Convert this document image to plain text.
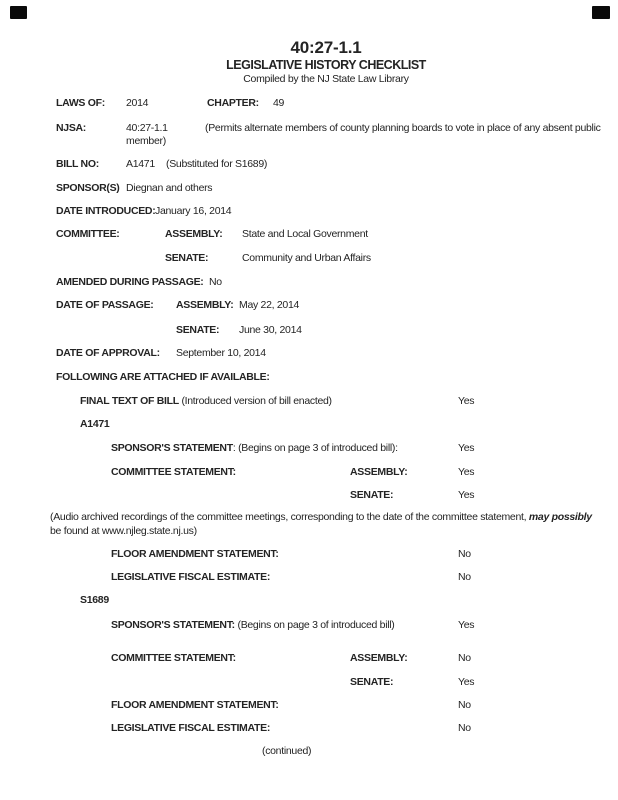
40:27-1.1
LEGISLATIVE HISTORY CHECKLIST
Compiled by the NJ State Law Library
LAWS OF: 2014	CHAPTER: 49
NJSA:	40:27-1.1	(Permits alternate members of county planning boards to vote in place of any absent public
member)
BILL NO:	A1471 (Substituted for S1689)
SPONSOR(S) Diegnan and others
DATE INTRODUCED: January 16, 2014
COMMITTEE:	ASSEMBLY: State and Local Government
SENATE:	Community and Urban Affairs
AMENDED DURING PASSAGE: No
DATE OF PASSAGE: ASSEMBLY: May 22, 2014
SENATE: June 30, 2014
DATE OF APPROVAL: September 10, 2014
FOLLOWING ARE ATTACHED IF AVAILABLE:
FINAL TEXT OF BILL (Introduced version of bill enacted)	Yes
A1471
SPONSOR'S STATEMENT: (Begins on page 3 of introduced bill):	Yes
COMMITTEE STATEMENT:	ASSEMBLY:	Yes
SENATE:	Yes
(Audio archived recordings of the committee meetings, corresponding to the date of the committee statement, may possibly
be found at www.njleg.state.nj.us)
FLOOR AMENDMENT STATEMENT:	No
LEGISLATIVE FISCAL ESTIMATE:	No
S1689
SPONSOR'S STATEMENT: (Begins on page 3 of introduced bill)	Yes
COMMITTEE STATEMENT:	ASSEMBLY:	No
SENATE:	Yes
FLOOR AMENDMENT STATEMENT:	No
LEGISLATIVE FISCAL ESTIMATE:	No
(continued)
